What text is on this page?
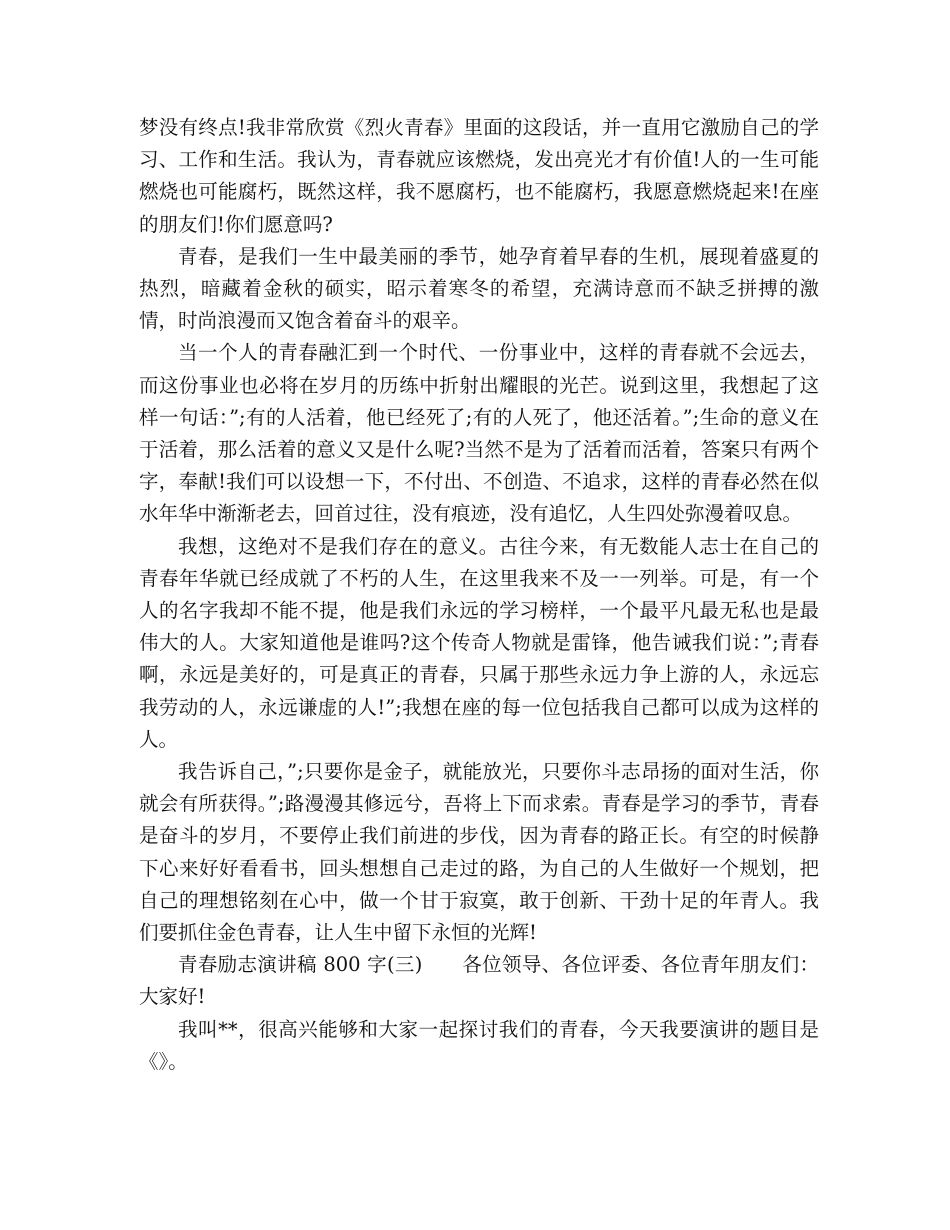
梦没有终点!我非常欣赏《烈火青春》里面的这段话，并一直用它激励自己的学习、工作和生活。我认为，青春就应该燃烧，发出亮光才有价值!人的一生可能燃烧也可能腐朽，既然这样，我不愿腐朽，也不能腐朽，我愿意燃烧起来!在座的朋友们!你们愿意吗?

青春，是我们一生中最美丽的季节，她孕育着早春的生机，展现着盛夏的热烈，暗藏着金秋的硕实，昭示着寒冬的希望，充满诗意而不缺乏拼搏的激情，时尚浪漫而又饱含着奋斗的艰辛。

当一个人的青春融汇到一个时代、一份事业中，这样的青春就不会远去，而这份事业也必将在岁月的历练中折射出耀眼的光芒。说到这里，我想起了这样一句话：”;有的人活着，他已经死了;有的人死了，他还活着。”;生命的意义在于活着，那么活着的意义又是什么呢?当然不是为了活着而活着，答案只有两个字，奉献!我们可以设想一下，不付出、不创造、不追求，这样的青春必然在似水年华中渐渐老去，回首过往，没有痕迹，没有追忆，人生四处弥漫着叹息。

我想，这绝对不是我们存在的意义。古往今来，有无数能人志士在自己的青春年华就已经成就了不朽的人生，在这里我来不及一一列举。可是，有一个人的名字我却不能不提，他是我们永远的学习榜样，一个最平凡最无私也是最伟大的人。大家知道他是谁吗?这个传奇人物就是雷锋，他告诫我们说：”;青春啊，永远是美好的，可是真正的青春，只属于那些永远力争上游的人，永远忘我劳动的人，永远谦虚的人!”;我想在座的每一位包括我自己都可以成为这样的人。

我告诉自己，”;只要你是金子，就能放光，只要你斗志昂扬的面对生活，你就会有所获得。”;路漫漫其修远兮，吾将上下而求索。青春是学习的季节，青春是奋斗的岁月，不要停止我们前进的步伐，因为青春的路正长。有空的时候静下心来好好看看书，回头想想自己走过的路，为自己的人生做好一个规划，把自己的理想铭刻在心中，做一个甘于寂寞，敢于创新、干劲十足的年青人。我们要抓住金色青春，让人生中留下永恒的光辉!

青春励志演讲稿 800 字(三)　　各位领导、各位评委、各位青年朋友们：大家好!

我叫**，很高兴能够和大家一起探讨我们的青春，今天我要演讲的题目是《》。
